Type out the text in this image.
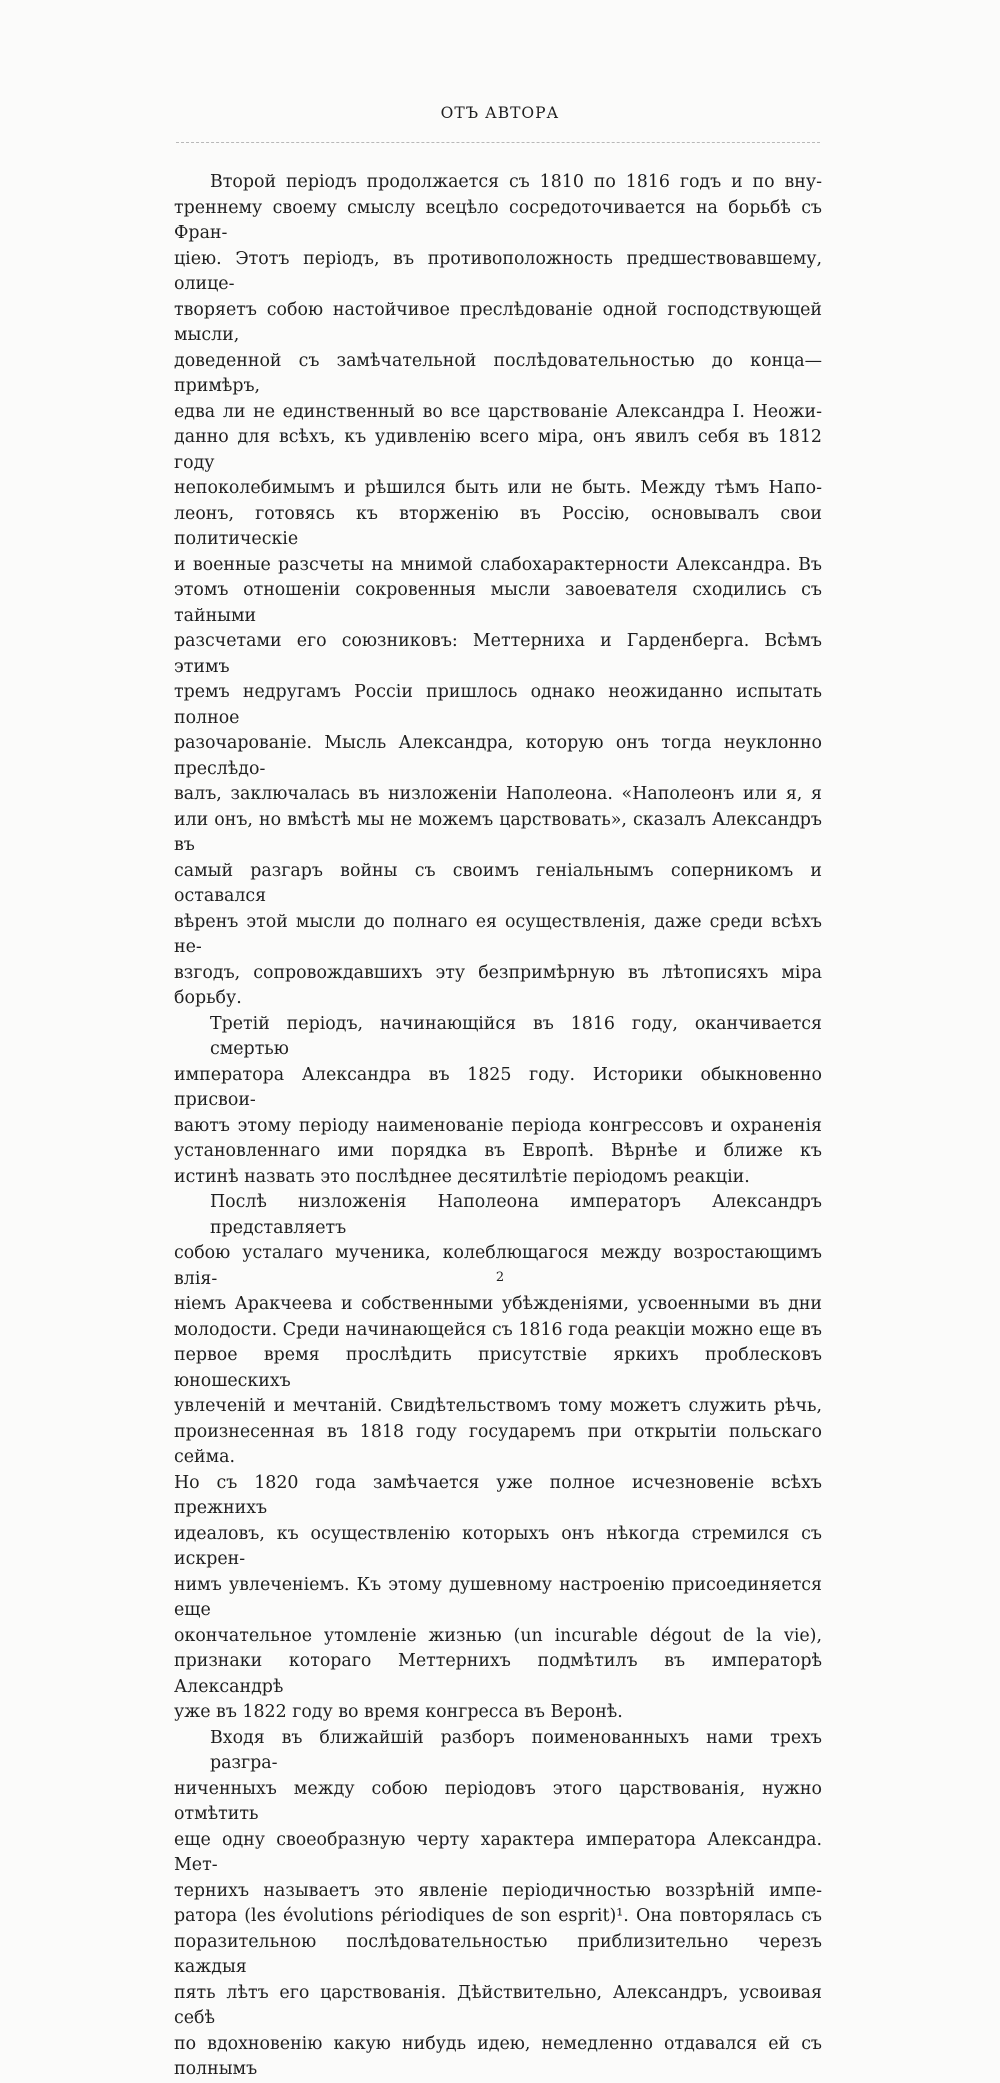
ОТЪ АВТОРА

Второй періодъ продолжается съ 1810 по 1816 годъ и по вну-

треннему своему смыслу всецѣло сосредоточивается на борьбѣ съ Фран-

ціею. Этотъ періодъ, въ противоположность предшествовавшему, олице-

творяетъ собою настойчивое преслѣдованіе одной господствующей мысли,

доведенной съ замѣчательной послѣдовательностью до конца—примѣръ,

едва ли не единственный во все царствованіе Александра I. Неожи-

данно для всѣхъ, къ удивленію всего міра, онъ явилъ себя въ 1812 году

непоколебимымъ и рѣшился быть или не быть. Между тѣмъ Напо-

леонъ, готовясь къ вторженію въ Россію, основывалъ свои политическіе

и военные разсчеты на мнимой слабохарактерности Александра. Въ

этомъ отношеніи сокровенныя мысли завоевателя сходились съ тайными

разсчетами его союзниковъ: Меттерниха и Гарденберга. Всѣмъ этимъ

тремъ недругамъ Россіи пришлось однако неожиданно испытать полное

разочарованіе. Мысль Александра, которую онъ тогда неуклонно преслѣдо-

валъ, заключалась въ низложеніи Наполеона. «Наполеонъ или я, я

или онъ, но вмѣстѣ мы не можемъ царствовать», сказалъ Александръ въ

самый разгаръ войны съ своимъ геніальнымъ соперникомъ и оставался

вѣренъ этой мысли до полнаго ея осуществленія, даже среди всѣхъ не-

взгодъ, сопровождавшихъ эту безпримѣрную въ лѣтописяхъ міра борьбу.

Третій періодъ, начинающійся въ 1816 году, оканчивается смертью

императора Александра въ 1825 году. Историки обыкновенно присвои-

ваютъ этому періоду наименованіе періода конгрессовъ и охраненія

установленнаго ими порядка въ Европѣ. Вѣрнѣе и ближе къ

истинѣ назвать это послѣднее десятилѣтіе періодомъ реакціи.

Послѣ низложенія Наполеона императоръ Александръ представляетъ

собою усталаго мученика, колеблющагося между возростающимъ влія-

ніемъ Аракчеева и собственными убѣжденіями, усвоенными въ дни

молодости. Среди начинающейся съ 1816 года реакціи можно еще въ

первое время прослѣдить присутствіе яркихъ проблесковъ юношескихъ

увлеченій и мечтаній. Свидѣтельствомъ тому можетъ служить рѣчь,

произнесенная въ 1818 году государемъ при открытіи польскаго сейма.

Но съ 1820 года замѣчается уже полное исчезновеніе всѣхъ прежнихъ

идеаловъ, къ осуществленію которыхъ онъ нѣкогда стремился съ искрен-

нимъ увлеченіемъ. Къ этому душевному настроенію присоединяется еще

окончательное утомленіе жизнью (un incurable dégout de la vie),

признаки котораго Меттернихъ подмѣтилъ въ императорѣ Александрѣ

уже въ 1822 году во время конгресса въ Веронѣ.

Входя въ ближайшій разборъ поименованныхъ нами трехъ разгра-

ниченныхъ между собою періодовъ этого царствованія, нужно отмѣтить

еще одну своеобразную черту характера императора Александра. Мет-

тернихъ называетъ это явленіе періодичностью воззрѣній импе-

ратора (les évolutions périodiques de son esprit)¹. Она повторялась съ

поразительною послѣдовательностью приблизительно черезъ каждыя

пять лѣтъ его царствованія. Дѣйствительно, Александръ, усвоивая себѣ

по вдохновенію какую нибудь идею, немедленно отдавался ей съ полнымъ

2
